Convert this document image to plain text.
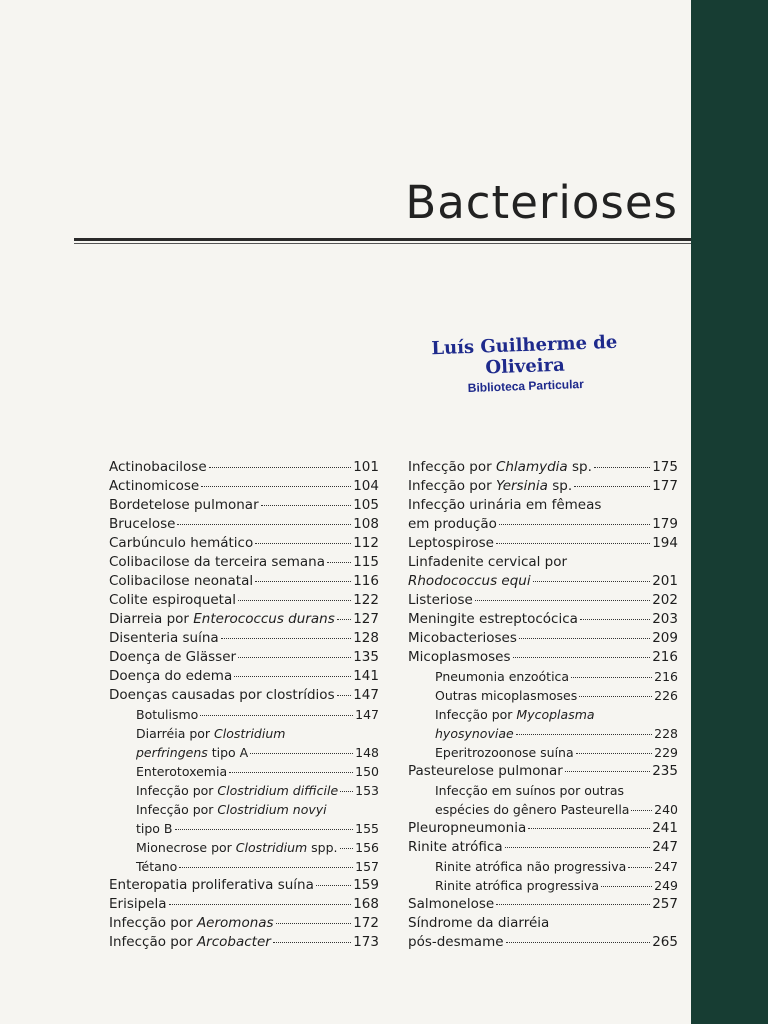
Bacterioses
Luís Guilherme de Oliveira
Biblioteca Particular
Actinobacilose	101
Actinomicose	104
Bordetelose pulmonar	105
Brucelose	108
Carbúnculo hemático	112
Colibacilose da terceira semana 115
Colibacilose neonatal	116
Colite espiroquetal	122
Diarreia por Enterococcus durans 127
Disenteria suína	128
Doença de Glässer	135
Doença do edema	141
Doenças causadas por clostrídios 147
Botulismo	147
Diarréia por Clostridium
perfringens tipo A	148
Enterotoxemia	150
Infecção por Clostridium difficile 153
Infecção por Clostridium novyi
tipo B	155
Mionecrose por Clostridium spp. 156
Tétano	157
Enteropatia proliferativa suína	159
Erisipela	168
Infecção por Aeromonas	172
Infecção por Arcobacter	173
Infecção por Chlamydia sp.	175
Infecção por Yersinia sp.	177
Infecção urinária em fêmeas
em produção	179
Leptospirose	194
Linfadenite cervical por
Rhodococcus equi	201
Listeriose	202
Meningite estreptocócica	203
Micobacterioses	209
Micoplasmoses	216
Pneumonia enzoótica	216
Outras micoplasmoses	226
Infecção por Mycoplasma
hyosynoviae	228
Eperitrozoonose suína	229
Pasteurelose pulmonar	235
Infecção em suínos por outras
espécies do gênero Pasteurella 240
Pleuropneumonia	241
Rinite atrófica	247
Rinite atrófica não progressiva 247
Rinite atrófica progressiva	249
Salmonelose	257
Síndrome da diarréia
pós-desmame	265
